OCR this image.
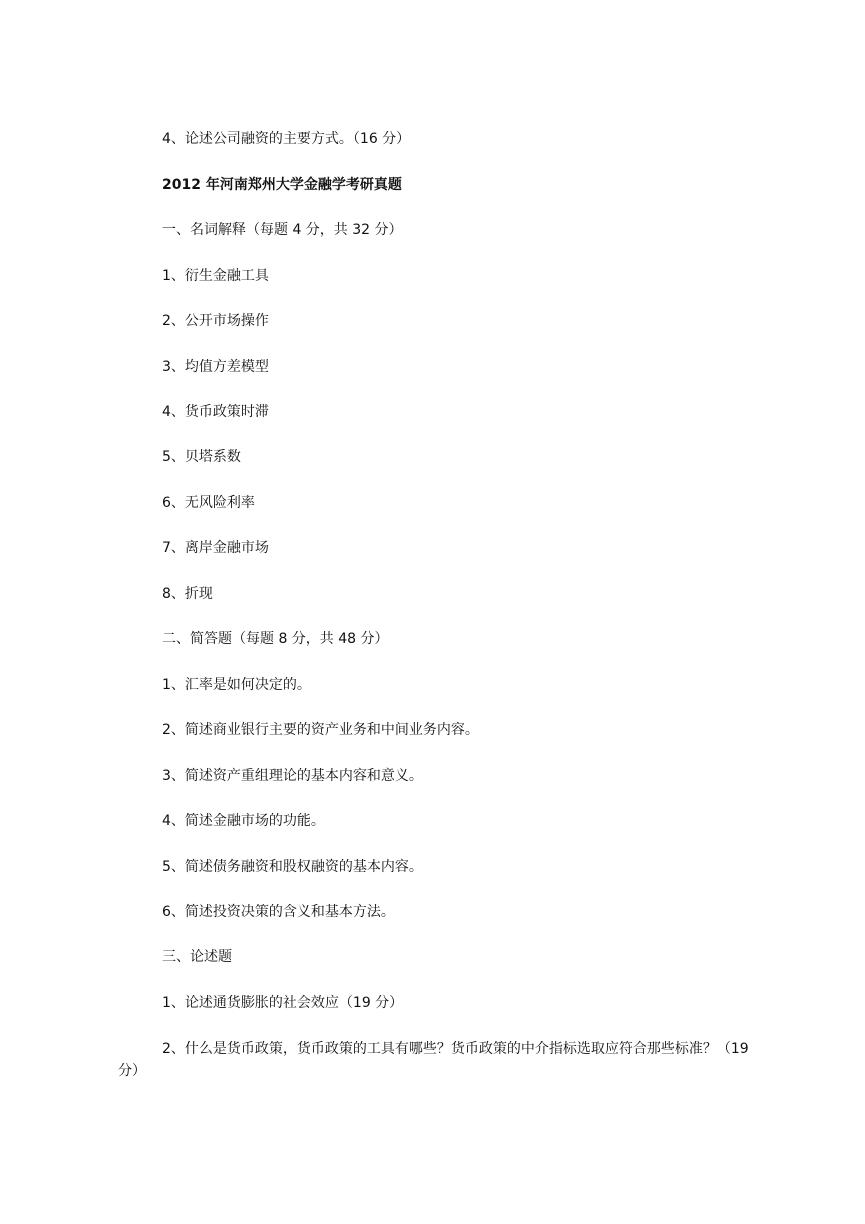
4、论述公司融资的主要方式。（16 分）
2012 年河南郑州大学金融学考研真题
一、名词解释（每题 4 分，共 32 分）
1、衍生金融工具
2、公开市场操作
3、均值方差模型
4、货币政策时滞
5、贝塔系数
6、无风险利率
7、离岸金融市场
8、折现
二、简答题（每题 8 分，共 48 分）
1、汇率是如何决定的。
2、简述商业银行主要的资产业务和中间业务内容。
3、简述资产重组理论的基本内容和意义。
4、简述金融市场的功能。
5、简述债务融资和股权融资的基本内容。
6、简述投资决策的含义和基本方法。
三、论述题
1、论述通货膨胀的社会效应（19 分）
2、什么是货币政策，货币政策的工具有哪些？货币政策的中介指标选取应符合那些标准？（19 分）
